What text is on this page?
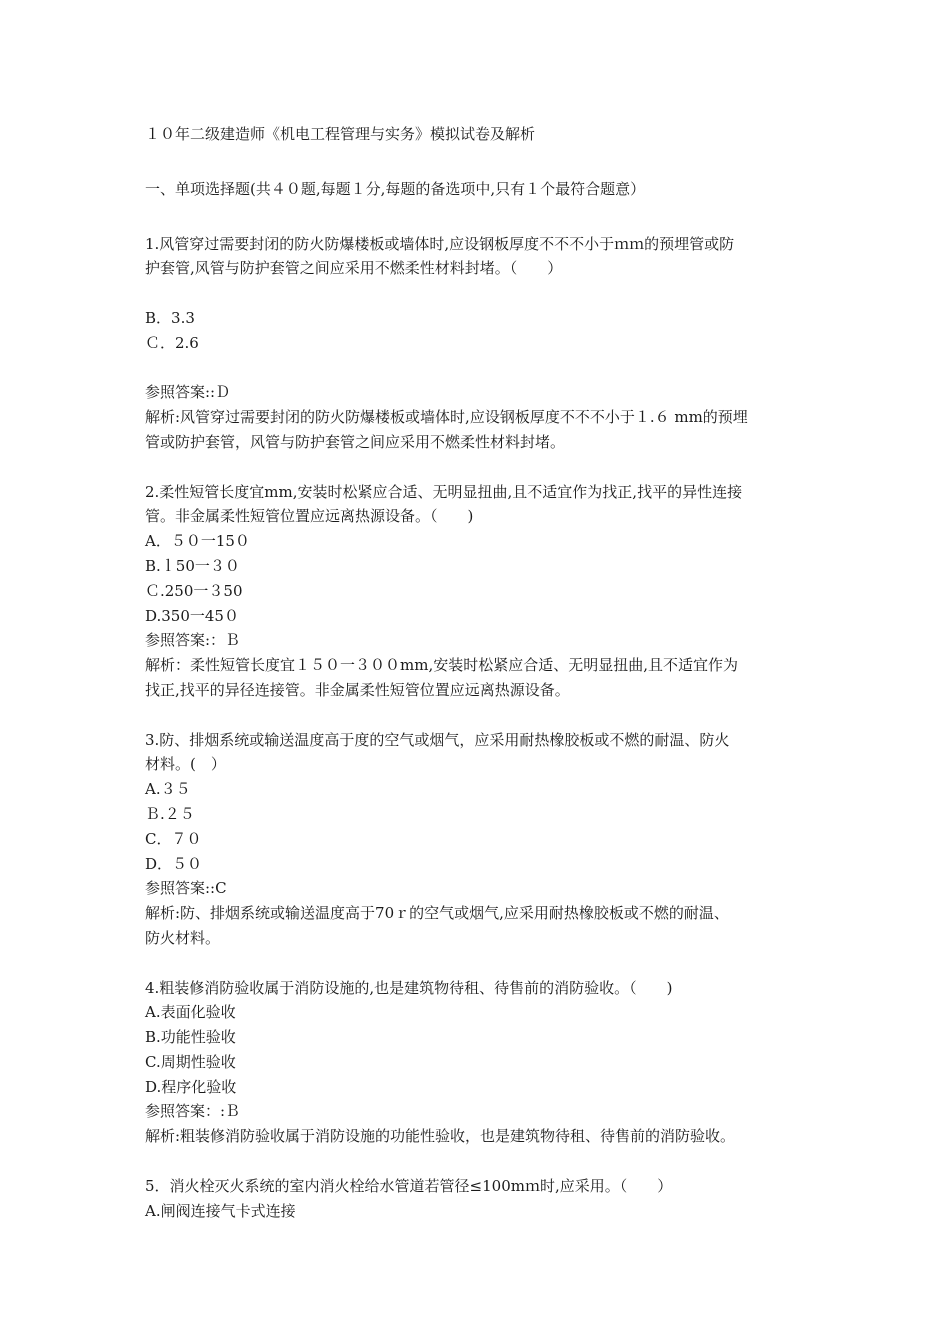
１０年二级建造师《机电工程管理与实务》模拟试卷及解析
一、单项选择题(共４０题,每题１分,每题的备选项中,只有１个最符合题意）
1.风管穿过需要封闭的防火防爆楼板或墙体时,应设钢板厚度不不不小于ｍｍ的预埋管或防
护套管,风管与防护套管之间应采用不燃柔性材料封堵。（　　）
B．3.3
Ｃ．2.6
参照答案::Ｄ
解析:风管穿过需要封闭的防火防爆楼板或墙体时,应设钢板厚度不不不小于１.６ mm的预埋
管或防护套管，风管与防护套管之间应采用不燃柔性材料封堵。
2.柔性短管长度宜mm,安装时松紧应合适、无明显扭曲,且不适宜作为找正,找平的异性连接
管。非金属柔性短管位置应远离热源设备。（　　)
A．５０一15０
B.ｌ50一３０
Ｃ.250一３50
D.350一45０
参照答案:：Ｂ
解析：柔性短管长度宜１５０一３００mm,安装时松紧应合适、无明显扭曲,且不适宜作为
找正,找平的异径连接管。非金属柔性短管位置应远离热源设备。
3.防、排烟系统或输送温度高于度的空气或烟气，应采用耐热橡胶板或不燃的耐温、防火
材料。(　）
A.３５
Ｂ.２５
C．７０
D．５０
参照答案::C
解析:防、排烟系统或输送温度高于70ｒ的空气或烟气,应采用耐热橡胶板或不燃的耐温、
防火材料。
4.粗装修消防验收属于消防设施的,也是建筑物待租、待售前的消防验收。（　　)
A.表面化验收
B.功能性验收
C.周期性验收
D.程序化验收
参照答案：:Ｂ
解析:粗装修消防验收属于消防设施的功能性验收，也是建筑物待租、待售前的消防验收。
5．消火栓灭火系统的室内消火栓给水管道若管径≤100mｍ时,应采用。（　　）
A.闸阀连接气卡式连接
